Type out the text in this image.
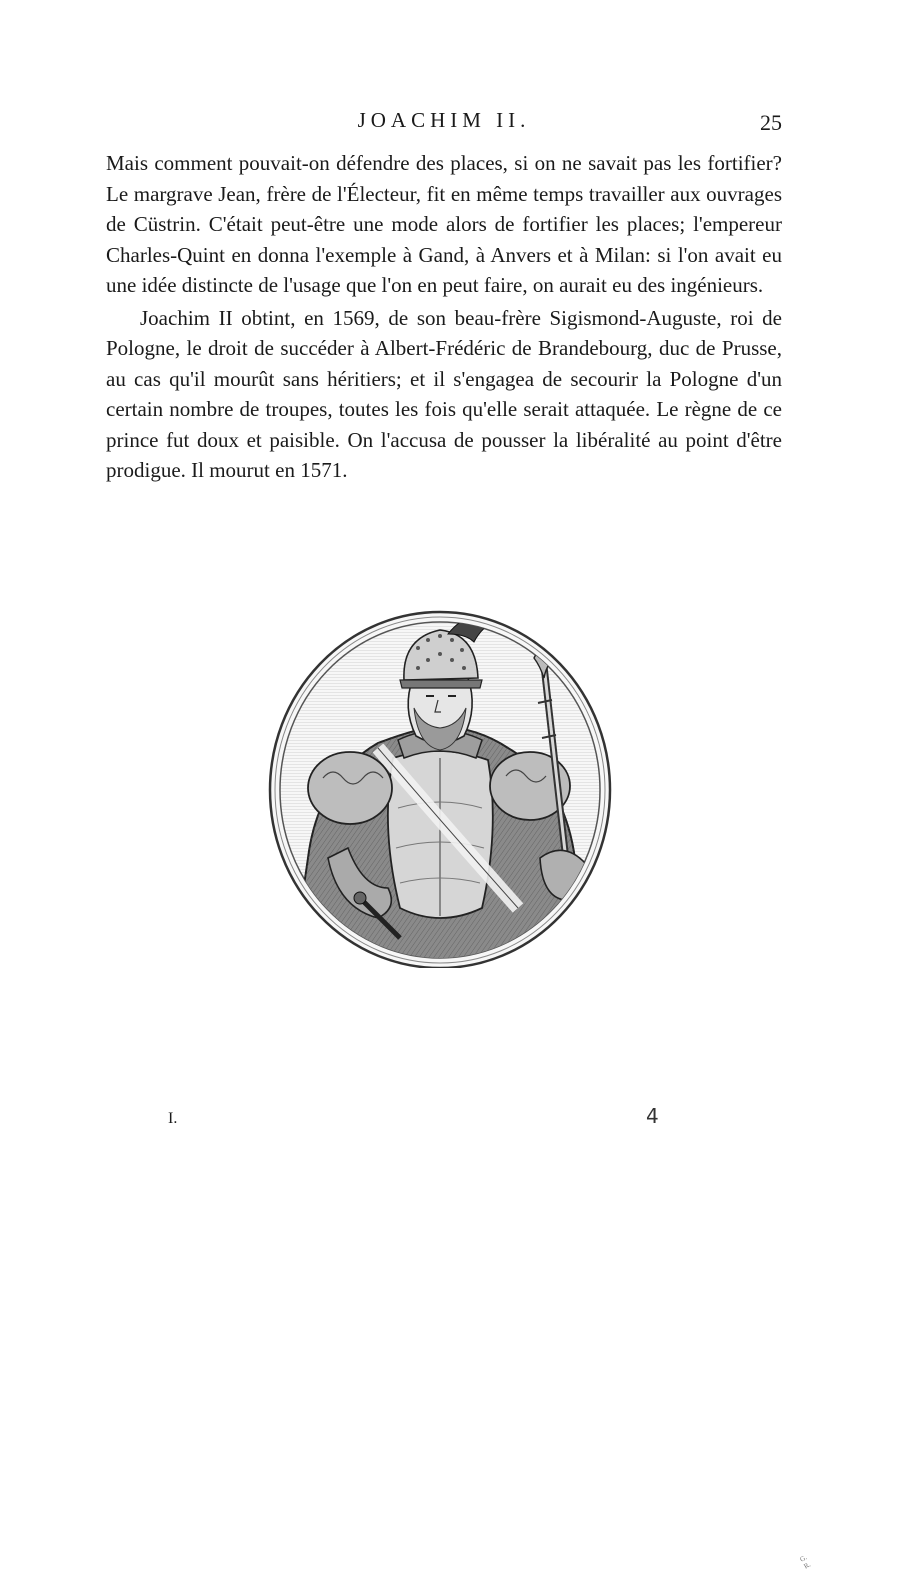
JOACHIM II.	25

Mais comment pouvait-on défendre des places, si on ne savait pas les fortifier? Le margrave Jean, frère de l'Électeur, fit en même temps travailler aux ouvrages de Cüstrin. C'était peut-être une mode alors de fortifier les places; l'empereur Charles-Quint en donna l'exemple à Gand, à Anvers et à Milan: si l'on avait eu une idée distincte de l'usage que l'on en peut faire, on aurait eu des ingénieurs.

Joachim II obtint, en 1569, de son beau-frère Sigismond-Auguste, roi de Pologne, le droit de succéder à Albert-Frédéric de Brandebourg, duc de Prusse, au cas qu'il mourût sans héritiers; et il s'engagea de secourir la Pologne d'un certain nombre de troupes, toutes les fois qu'elle serait attaquée. Le règne de ce prince fut doux et paisible. On l'accusa de pousser la libéralité au point d'être prodigue. Il mourut en 1571.

G. R.
I.	4
